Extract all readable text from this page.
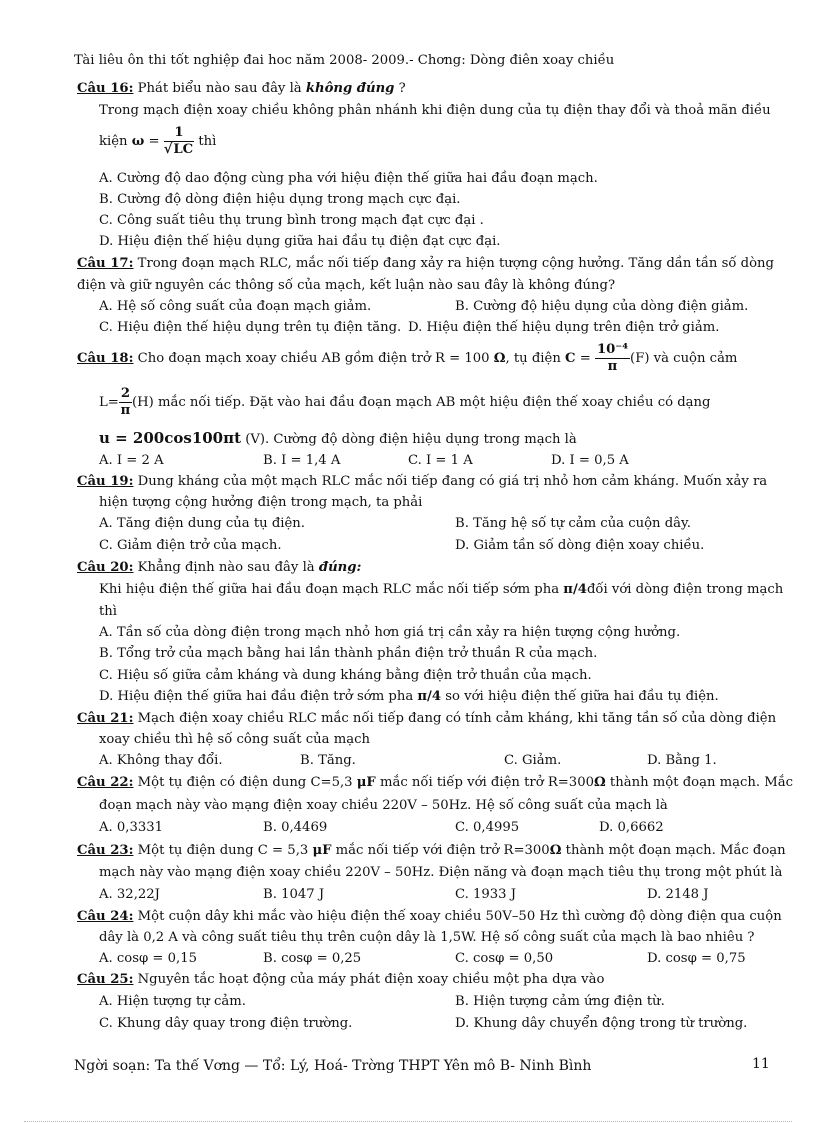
Tài liêu ôn thi tốt nghiệp đai hoc năm 2008- 2009.- Chơng: Dòng điên xoay chiều
Câu 16: Phát biểu nào sau đây là không đúng ?
Trong mạch điện xoay chiều không phân nhánh khi điện dung của tụ điện thay đổi và thoả mãn điều
kiện $\omega = \frac{1}{√LC}$ thì
A. Cường độ dao động cùng pha với hiệu điện thế giữa hai đầu đoạn mạch.
B. Cường độ dòng điện hiệu dụng trong mạch cực đại.
C. Công suất tiêu thụ trung bình trong mạch đạt cực đại .
D. Hiệu điện thế hiệu dụng giữa hai đầu tụ điện đạt cực đại.
Câu 17: Trong đoạn mạch RLC, mắc nối tiếp đang xảy ra hiện tượng cộng hưởng. Tăng dần tần số dòng
điện và giữ nguyên các thông số của mạch, kết luận nào sau đây là không đúng?
A. Hệ số công suất của đoạn mạch giảm.	B. Cường độ hiệu dụng của dòng điện giảm.
C. Hiệu điện thế hiệu dụng trên tụ điện tăng. D. Hiệu điện thế hiệu dụng trên điện trở giảm.
Câu 18: Cho đoạn mạch xoay chiều AB gồm điện trở R = 100 Ω, tụ điện $C = \frac{\text{10⁻⁴}}{\pi} (F)$ và cuộn cảm
$L= \frac{2}{\pi} (H)$ mắc nối tiếp. Đặt vào hai đầu đoạn mạch AB một hiệu điện thế xoay chiều có dạng
u = 200cos100πt (V). Cường độ dòng điện hiệu dụng trong mạch là
A. I = 2 A	B. I = 1,4 A	C. I = 1 A	D. I = 0,5 A
Câu 19: Dung kháng của một mạch RLC mắc nối tiếp đang có giá trị nhỏ hơn cảm kháng. Muốn xảy ra
hiện tượng cộng hưởng điện trong mạch, ta phải
A. Tăng điện dung của tụ điện.	B. Tăng hệ số tự cảm của cuộn dây.
C. Giảm điện trở của mạch.	D. Giảm tần số dòng điện xoay chiều.
Câu 20: Khẳng định nào sau đây là đúng:
Khi hiệu điện thế giữa hai đầu đoạn mạch RLC mắc nối tiếp sớm pha π/4đối với dòng điện trong mạch
thì
A. Tần số của dòng điện trong mạch nhỏ hơn giá trị cần xảy ra hiện tượng cộng hưởng.
B. Tổng trở của mạch bằng hai lần thành phần điện trở thuần R của mạch.
C. Hiệu số giữa cảm kháng và dung kháng bằng điện trở thuần của mạch.
D. Hiệu điện thế giữa hai đầu điện trở sớm pha π/4 so với hiệu điện thế giữa hai đầu tụ điện.
Câu 21: Mạch điện xoay chiều RLC mắc nối tiếp đang có tính cảm kháng, khi tăng tần số của dòng điện
xoay chiều thì hệ số công suất của mạch
A. Không thay đổi.	B. Tăng.	C. Giảm.	D. Bằng 1.
Câu 22: Một tụ điện có điện dung C=5,3 μF mắc nối tiếp với điện trở R=300Ω thành một đoạn mạch. Mắc
đoạn mạch này vào mạng điện xoay chiều 220V – 50Hz. Hệ số công suất của mạch là
A. 0,3331	B. 0,4469	C. 0,4995	D. 0,6662
Câu 23: Một tụ điện dung C = 5,3 μF mắc nối tiếp với điện trở R=300Ω thành một đoạn mạch. Mắc đoạn
mạch này vào mạng điện xoay chiều 220V – 50Hz. Điện năng và đoạn mạch tiêu thụ trong một phút là
A. 32,22J	B. 1047 J	C. 1933 J	D. 2148 J
Câu 24: Một cuộn dây khi mắc vào hiệu điện thế xoay chiều 50V–50 Hz thì cường độ dòng điện qua cuộn
dây là 0,2 A và công suất tiêu thụ trên cuộn dây là 1,5W. Hệ số công suất của mạch là bao nhiêu ?
A. cosφ = 0,15	B. cosφ = 0,25	C. cosφ = 0,50	D. cosφ = 0,75
Câu 25: Nguyên tắc hoạt động của máy phát điện xoay chiều một pha dựa vào
A. Hiện tượng tự cảm.	B. Hiện tượng cảm ứng điện từ.
C. Khung dây quay trong điện trường.	D. Khung dây chuyển động trong từ trường.
Ngời soạn: Ta thế Vơng — Tổ: Lý, Hoá- Trờng THPT Yên mô B- Ninh Bình	11
